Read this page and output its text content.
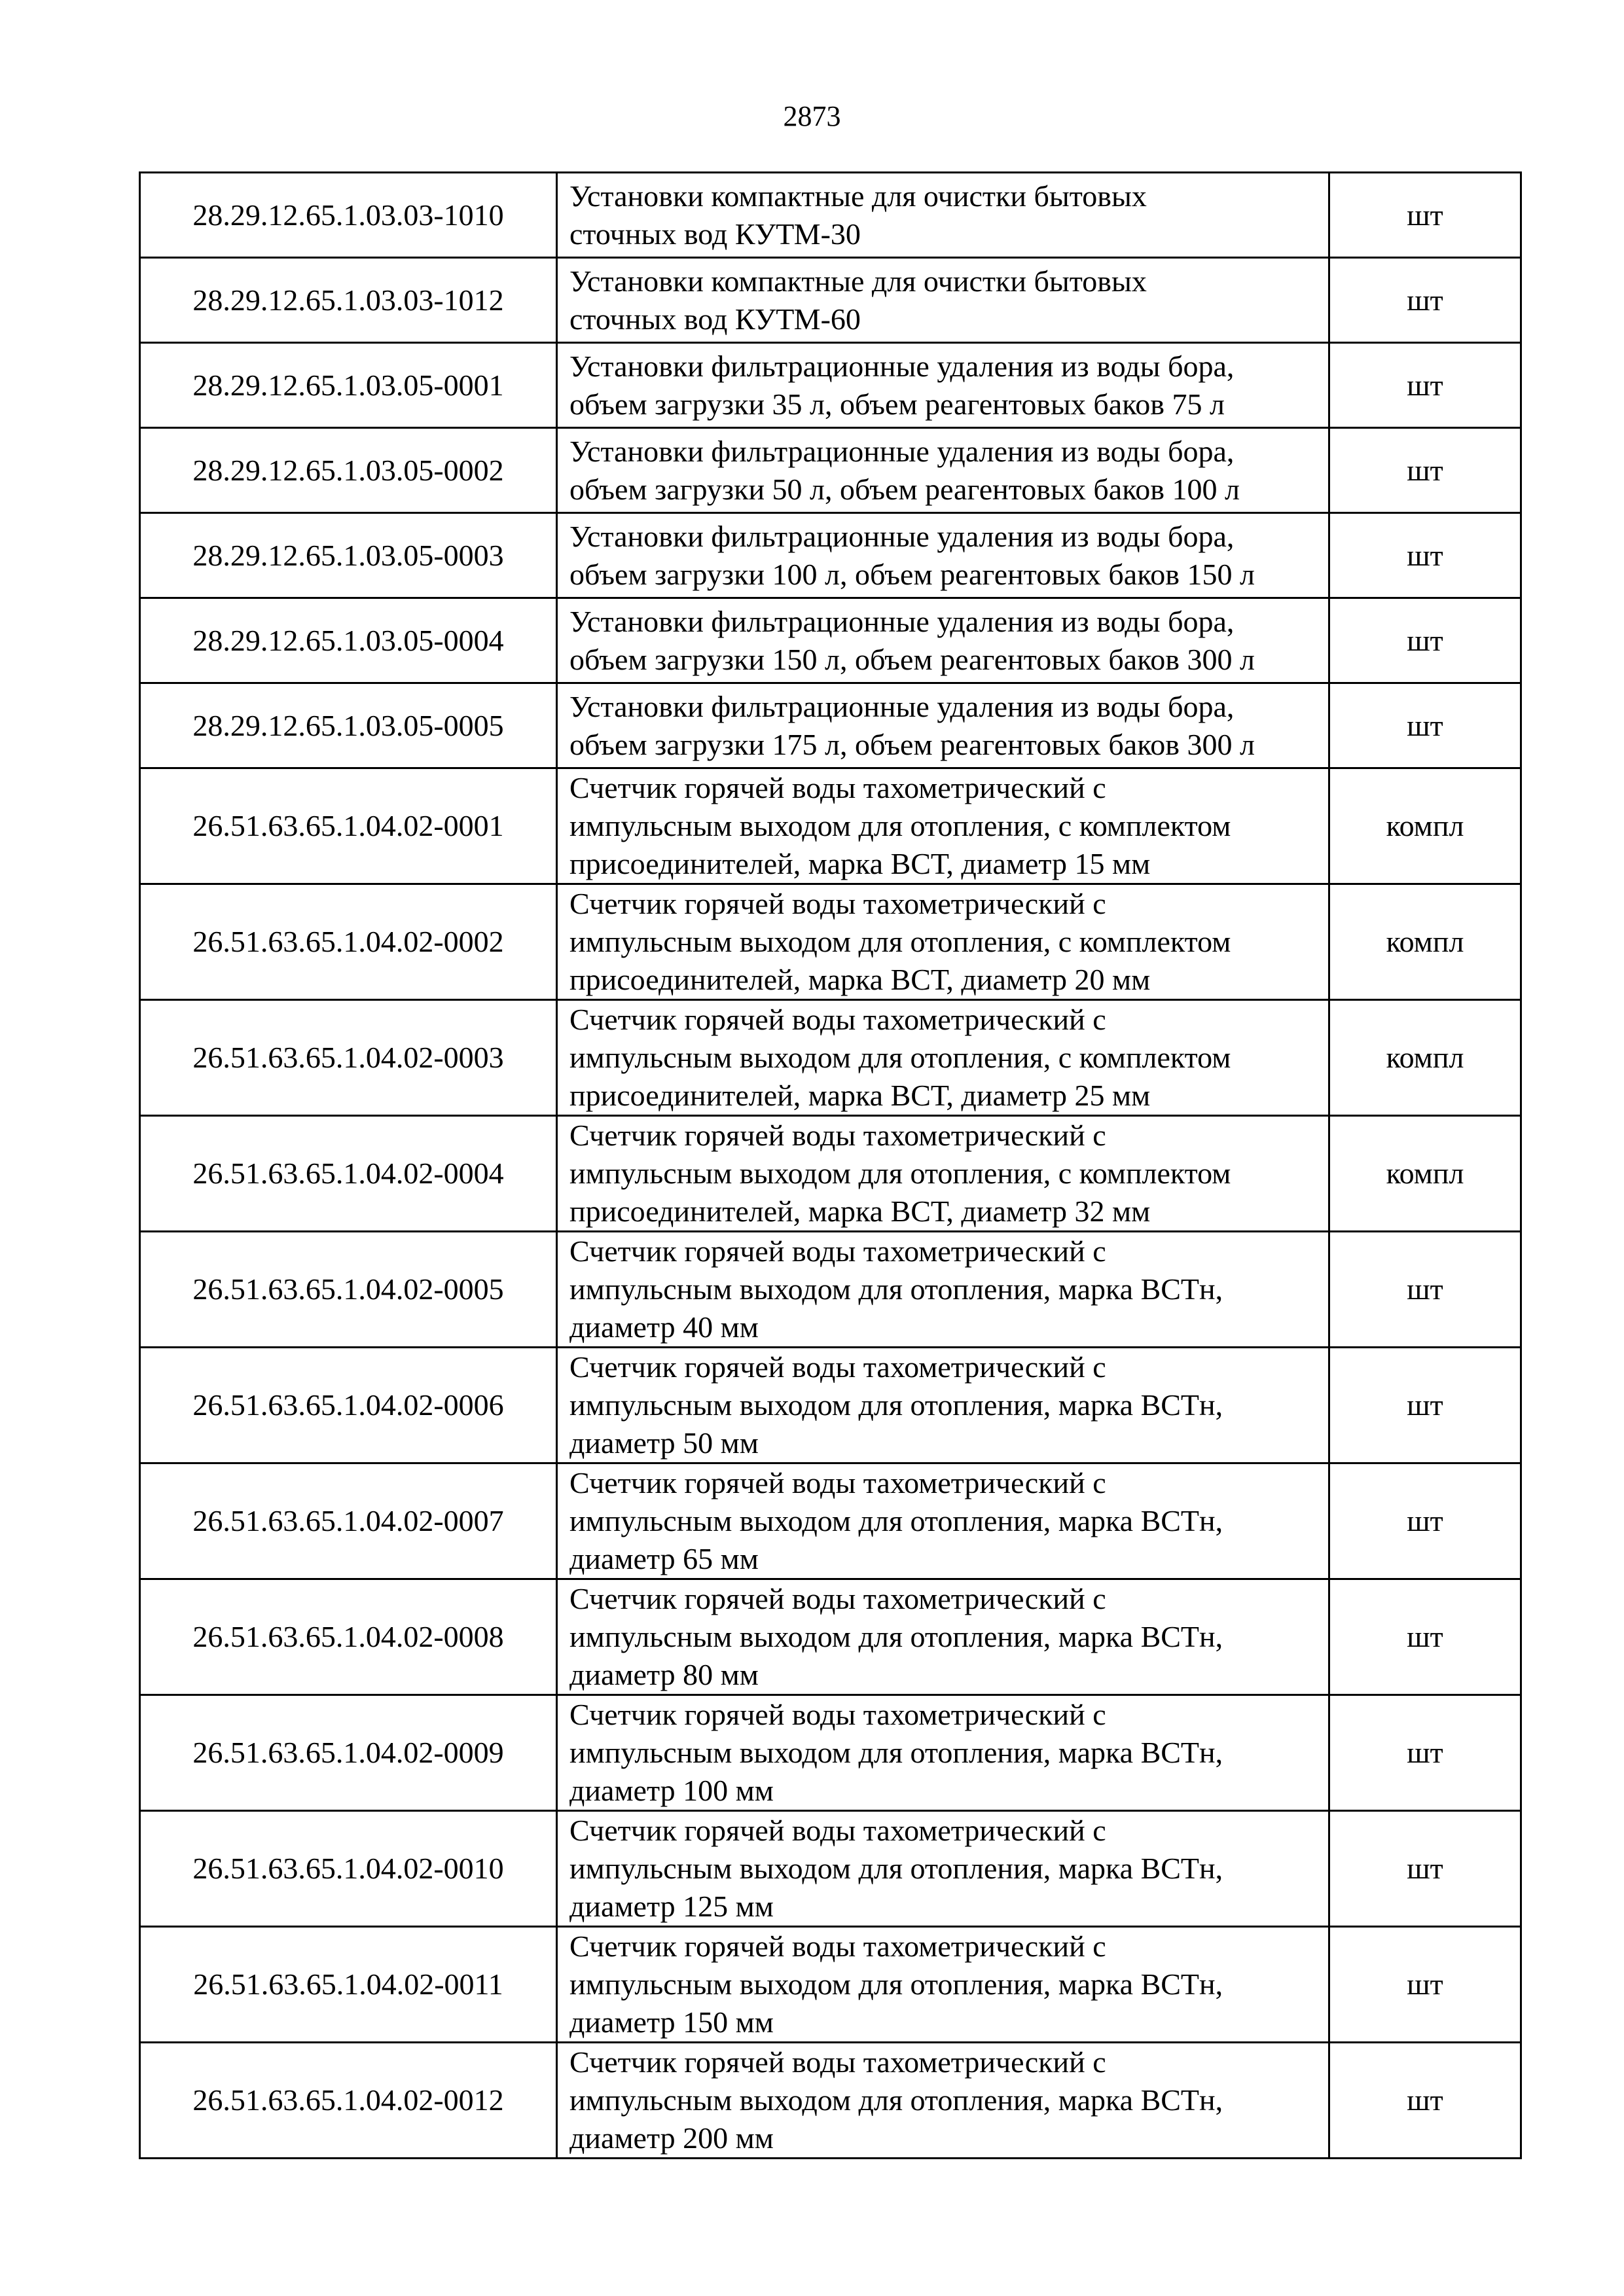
2873
28.29.12.65.1.03.03-1010	Установки компактные для очистки бытовых
сточных вод КУТМ-30	шт
28.29.12.65.1.03.03-1012	Установки компактные для очистки бытовых
сточных вод КУТМ-60	шт
28.29.12.65.1.03.05-0001	Установки фильтрационные удаления из воды бора,
объем загрузки 35 л, объем реагентовых баков 75 л	шт
28.29.12.65.1.03.05-0002	Установки фильтрационные удаления из воды бора,
объем загрузки 50 л, объем реагентовых баков 100 л	шт
28.29.12.65.1.03.05-0003	Установки фильтрационные удаления из воды бора,
объем загрузки 100 л, объем реагентовых баков 150 л	шт
28.29.12.65.1.03.05-0004	Установки фильтрационные удаления из воды бора,
объем загрузки 150 л, объем реагентовых баков 300 л	шт
28.29.12.65.1.03.05-0005	Установки фильтрационные удаления из воды бора,
объем загрузки 175 л, объем реагентовых баков 300 л	шт
26.51.63.65.1.04.02-0001	Счетчик горячей воды тахометрический с
импульсным выходом для отопления, с комплектом
присоединителей, марка ВСТ, диаметр 15 мм	компл
26.51.63.65.1.04.02-0002	Счетчик горячей воды тахометрический с
импульсным выходом для отопления, с комплектом
присоединителей, марка ВСТ, диаметр 20 мм	компл
26.51.63.65.1.04.02-0003	Счетчик горячей воды тахометрический с
импульсным выходом для отопления, с комплектом
присоединителей, марка ВСТ, диаметр 25 мм	компл
26.51.63.65.1.04.02-0004	Счетчик горячей воды тахометрический с
импульсным выходом для отопления, с комплектом
присоединителей, марка ВСТ, диаметр 32 мм	компл
26.51.63.65.1.04.02-0005	Счетчик горячей воды тахометрический с
импульсным выходом для отопления, марка ВСТн,
диаметр 40 мм	шт
26.51.63.65.1.04.02-0006	Счетчик горячей воды тахометрический с
импульсным выходом для отопления, марка ВСТн,
диаметр 50 мм	шт
26.51.63.65.1.04.02-0007	Счетчик горячей воды тахометрический с
импульсным выходом для отопления, марка ВСТн,
диаметр 65 мм	шт
26.51.63.65.1.04.02-0008	Счетчик горячей воды тахометрический с
импульсным выходом для отопления, марка ВСТн,
диаметр 80 мм	шт
26.51.63.65.1.04.02-0009	Счетчик горячей воды тахометрический с
импульсным выходом для отопления, марка ВСТн,
диаметр 100 мм	шт
26.51.63.65.1.04.02-0010	Счетчик горячей воды тахометрический с
импульсным выходом для отопления, марка ВСТн,
диаметр 125 мм	шт
26.51.63.65.1.04.02-0011	Счетчик горячей воды тахометрический с
импульсным выходом для отопления, марка ВСТн,
диаметр 150 мм	шт
26.51.63.65.1.04.02-0012	Счетчик горячей воды тахометрический с
импульсным выходом для отопления, марка ВСТн,
диаметр 200 мм	шт
